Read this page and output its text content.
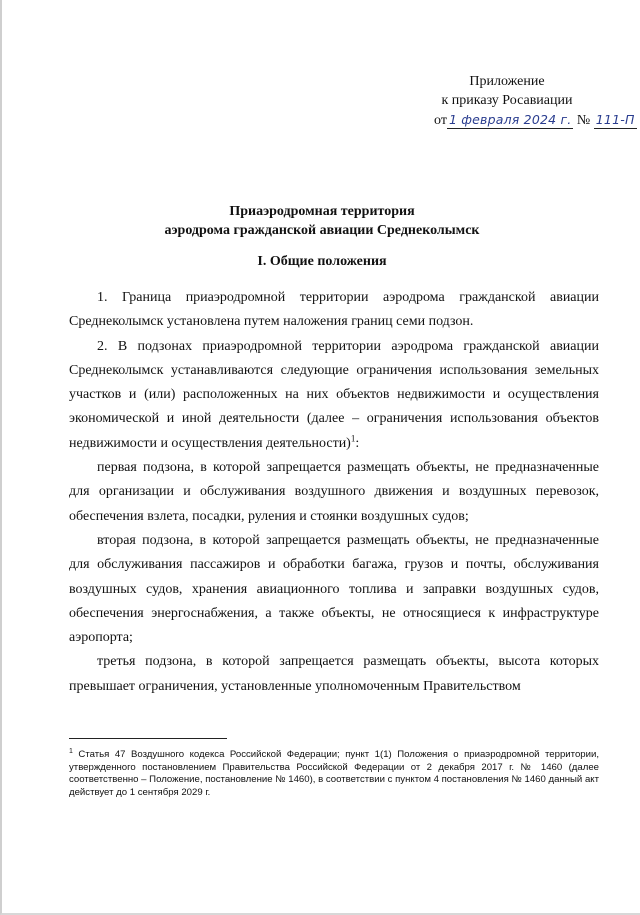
Приложение
к приказу Росавиации
от 1 февраля 2024 г. № 111-П
Приаэродромная территория
аэродрома гражданской авиации Среднеколымск
I. Общие положения

1. Граница приаэродромной территории аэродрома гражданской авиации Среднеколымск установлена путем наложения границ семи подзон.

2. В подзонах приаэродромной территории аэродрома гражданской авиации Среднеколымск устанавливаются следующие ограничения использования земельных участков и (или) расположенных на них объектов недвижимости и осуществления экономической и иной деятельности (далее – ограничения использования объектов недвижимости и осуществления деятельности)$^1$:

первая подзона, в которой запрещается размещать объекты, не предназначенные для организации и обслуживания воздушного движения и воздушных перевозок, обеспечения взлета, посадки, руления и стоянки воздушных судов;

вторая подзона, в которой запрещается размещать объекты, не предназначенные для обслуживания пассажиров и обработки багажа, грузов и почты, обслуживания воздушных судов, хранения авиационного топлива и заправки воздушных судов, обеспечения энергоснабжения, а также объекты, не относящиеся к инфраструктуре аэропорта;

третья подзона, в которой запрещается размещать объекты, высота которых превышает ограничения, установленные уполномоченным Правительством

$^1$ Статья 47 Воздушного кодекса Российской Федерации; пункт 1(1) Положения о приаэродромной территории, утвержденного постановлением Правительства Российской Федерации от 2 декабря 2017 г. № 1460 (далее соответственно – Положение, постановление № 1460), в соответствии с пунктом 4 постановления № 1460 данный акт действует до 1 сентября 2029 г.
